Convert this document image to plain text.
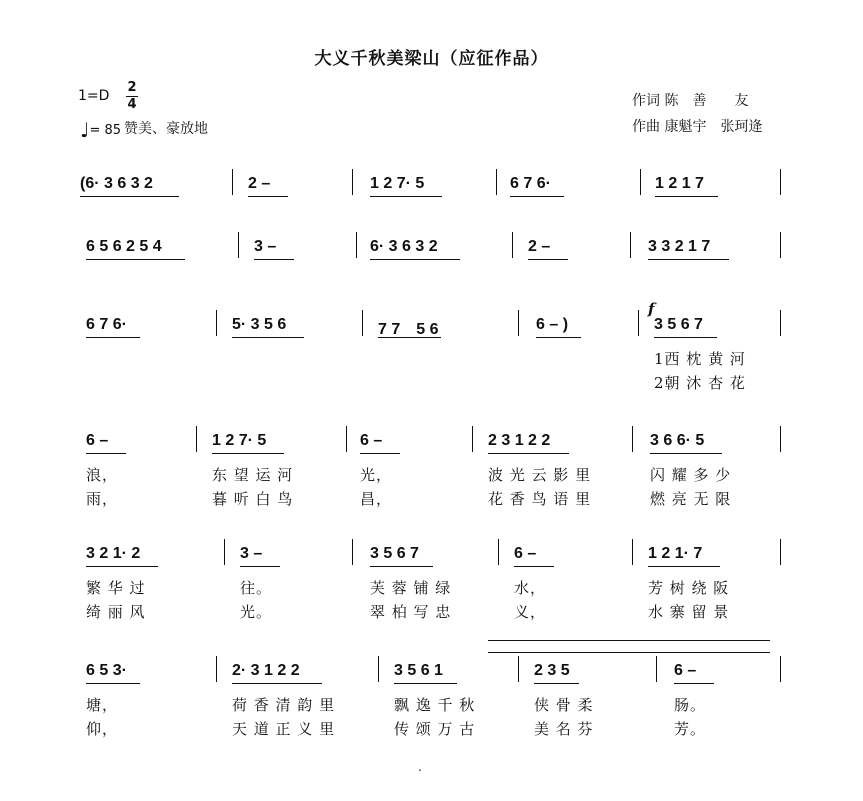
大义千秋美梁山（应征作品）
1=D
2
4
♩= 85 赞美、豪放地
作词 陈　善　　友
作曲 康魁宇　张珂逄
(6· 3 6 3 2	2 –	1 2 7· 5	6 7 6·	1 2 1 7
6 5 6 2 5 4	3 –	6· 3 6 3 2	2 –	3 3 2 1 7
6 7 6·	5· 3 5 6	7 7　5 6	6 – )	3 5 6 7
1西 枕 黄 河
2朝 沐 杏 花
6 –
浪，
雨，
1 2 7· 5
东 望 运 河
暮 听 白 鸟
6 –
光，
昌，
2 3 1 2 2
波 光 云 影 里
花 香 鸟 语 里
3 6 6· 5
闪 耀 多 少
燃 亮 无 限
3 2 1· 2
繁 华 过
绮 丽 风
3 –
往。
光。
3 5 6 7
芙 蓉 铺 绿
翠 柏 写 忠
6 –
水，
义，
1 2 1· 7
芳 树 绕 阪
水 寨 留 景
6 5 3·
塘，
仰，
2· 3 1 2 2
荷 香 清 韵 里
天 道 正 义 里
3 5 6 1
飘 逸 千 秋
传 颂 万 古
2 3 5
侠 骨 柔
美 名 芬
6 –
肠。
芳。
f
.
